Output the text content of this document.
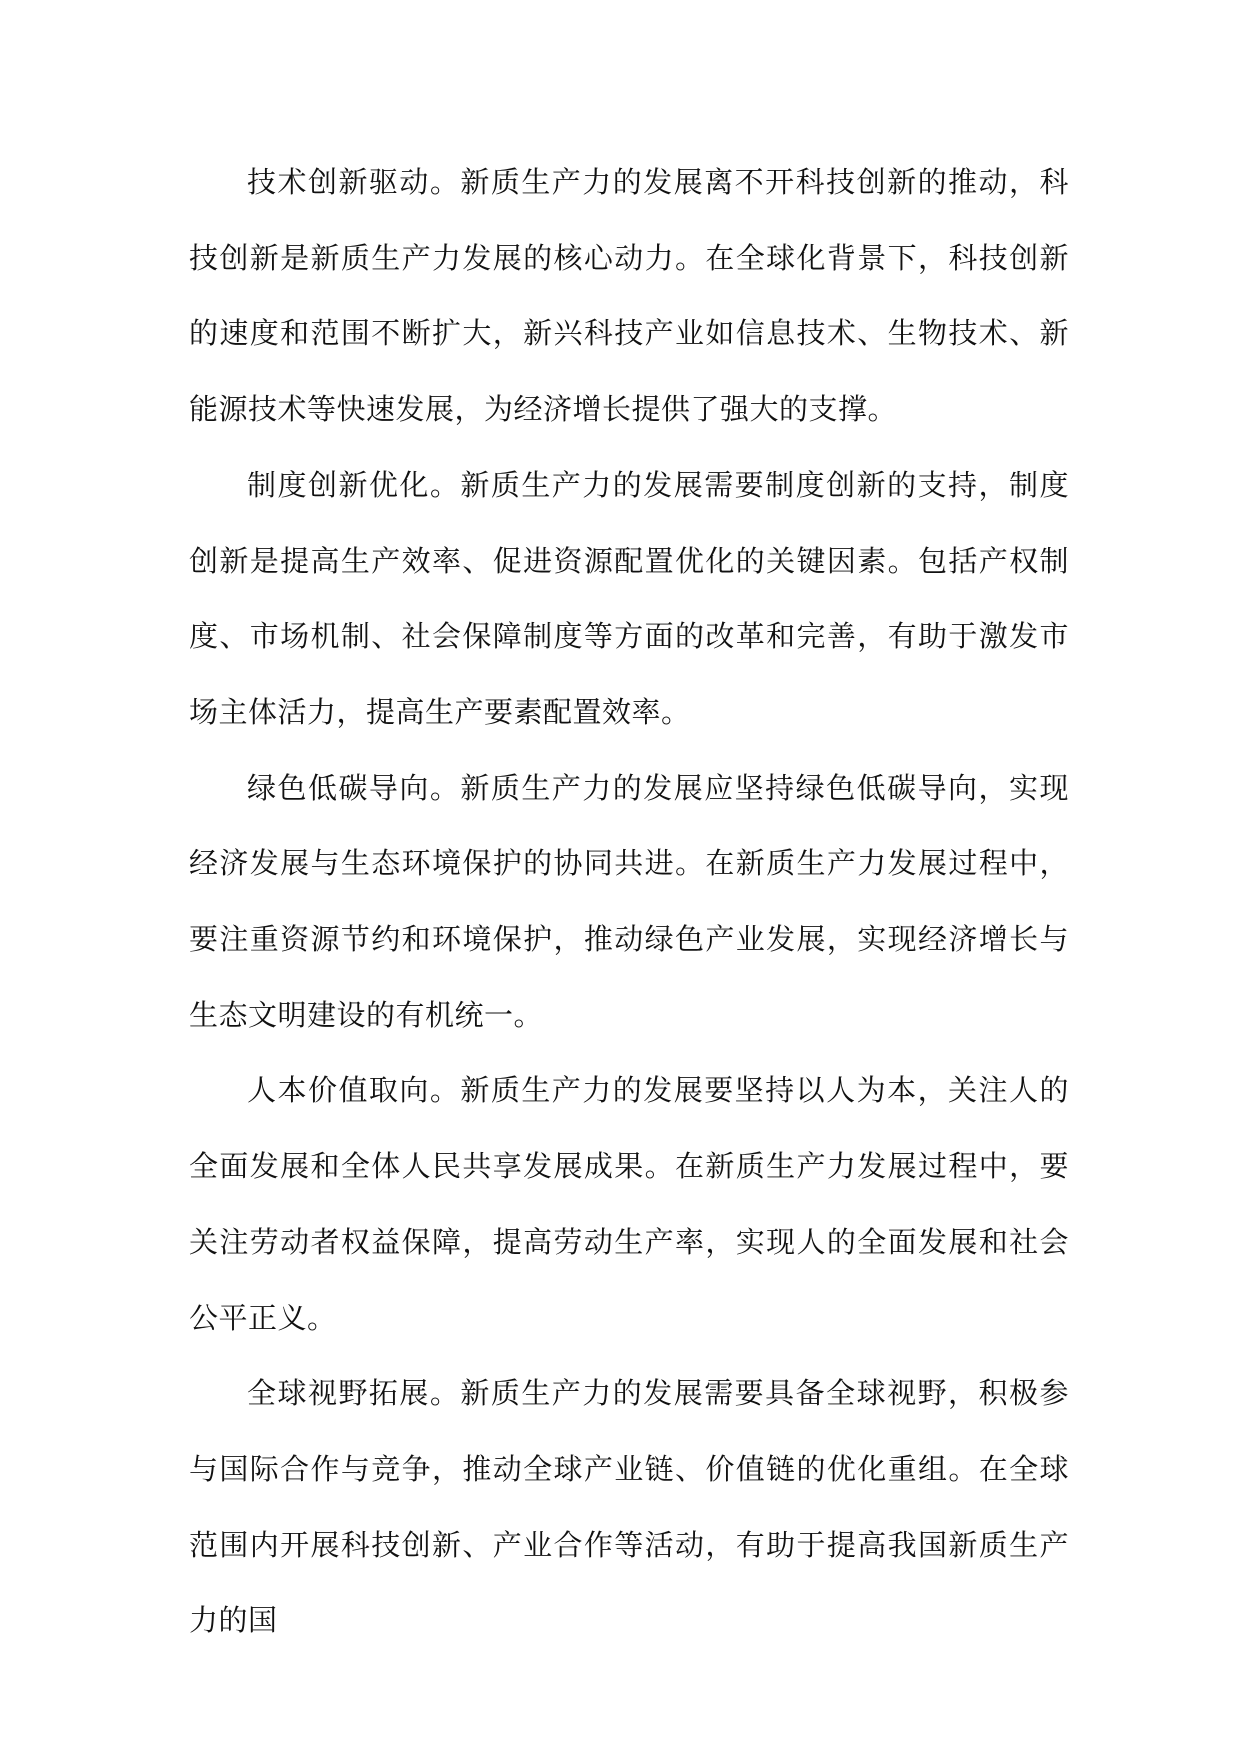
技术创新驱动。新质生产力的发展离不开科技创新的推动，科技创新是新质生产力发展的核心动力。在全球化背景下，科技创新的速度和范围不断扩大，新兴科技产业如信息技术、生物技术、新能源技术等快速发展，为经济增长提供了强大的支撑。

制度创新优化。新质生产力的发展需要制度创新的支持，制度创新是提高生产效率、促进资源配置优化的关键因素。包括产权制度、市场机制、社会保障制度等方面的改革和完善，有助于激发市场主体活力，提高生产要素配置效率。

绿色低碳导向。新质生产力的发展应坚持绿色低碳导向，实现经济发展与生态环境保护的协同共进。在新质生产力发展过程中，要注重资源节约和环境保护，推动绿色产业发展，实现经济增长与生态文明建设的有机统一。

人本价值取向。新质生产力的发展要坚持以人为本，关注人的全面发展和全体人民共享发展成果。在新质生产力发展过程中，要关注劳动者权益保障，提高劳动生产率，实现人的全面发展和社会公平正义。

全球视野拓展。新质生产力的发展需要具备全球视野，积极参与国际合作与竞争，推动全球产业链、价值链的优化重组。在全球范围内开展科技创新、产业合作等活动，有助于提高我国新质生产力的国
